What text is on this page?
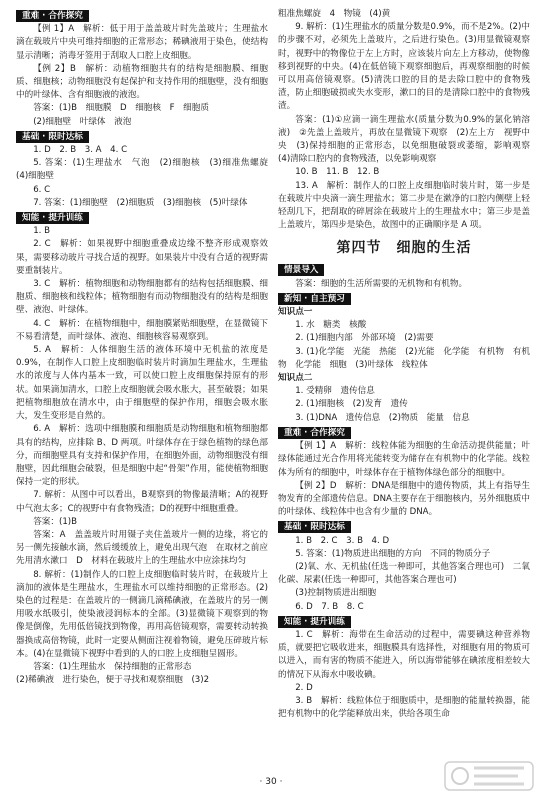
重难 · 合作探究

【例 1】A　解析：低于用于盖盖玻片时先盖玻片；生理盐水滴在载玻片中央可维持细胞的正常形态；稀碘液用于染色，使结构显示清晰；消毒牙签用于刮取人口腔上皮细胞。

【例 2】B　解析：动植物细胞共有的结构是细胞膜、细胞质、细胞核；动物细胞没有起保护和支持作用的细胞壁，没有细胞中的叶绿体、含有细胞液的液泡。

答案：(1)B　细胞膜　D　细胞核　F　细胞质

(2)细胞壁　叶绿体　液泡

基础 · 限时达标

1. D　2. B　3. A　4. C

5. 答案：(1)生理盐水　气泡　(2)细胞核　(3)细准焦螺旋　(4)细胞壁

6. C

7. 答案：(1)细胞壁　(2)细胞质　(3)细胞核　(5)叶绿体

知能 · 提升训练

1. B

2. C　解析：如果视野中细胞重叠成边缘不整齐形成观察效果，需要移动玻片寻找合适的视野。如果装片中没有合适的视野需要重制装片。

3. C　解析：植物细胞和动物细胞都有的结构包括细胞膜、细胞质、细胞核和线粒体；植物细胞有而动物细胞没有的结构是细胞壁、液泡、叶绿体。

4. C　解析：在植物细胞中，细胞膜紧贴细胞壁，在显微镜下不易看清楚，而叶绿体、液泡、细胞核容易观察到。

5. A　解析：人体细胞生活的液体环境中无机盐的浓度是0.9%，在制作人口腔上皮细胞临时装片时滴加生理盐水，生理盐水的浓度与人体内基本一致，可以使口腔上皮细胞保持原有的形状。如果滴加清水，口腔上皮细胞就会吸水胀大，甚至破裂；如果把植物细胞放在清水中，由于细胞壁的保护作用，细胞会吸水胀大，发生变形是自然的。

6. A　解析：选项中细胞膜和细胞质是动物细胞和植物细胞都具有的结构，应排除 B、D 两项。叶绿体存在于绿色植物的绿色部分，而细胞壁具有支持和保护作用，在细胞外面，动物细胞没有细胞壁，因此细胞会破裂，但是细胞中起“骨架”作用，能使植物细胞保持一定的形状。

7. 解析：从图中可以看出，B观察到的物像最清晰；A的视野中气泡太多；C的视野中有食物残渣；D的视野中细胞重叠。

答案：(1)B

答案：A　盖盖玻片时用镊子夹住盖玻片一侧的边缘，将它的另一侧先接触水滴，然后缓缓放上，避免出现气泡　在取材之前应先用清水漱口　D　材料在载玻片上的生理盐水中应涂抹均匀

8. 解析：(1)制作人的口腔上皮细胞临时装片时，在载玻片上滴加的液体是生理盐水，生理盐水可以维持细胞的正常形态。(2)染色的过程是：在盖玻片的一侧滴几滴稀碘液，在盖玻片的另一侧用吸水纸吸引，使染液浸润标本的全部。(3)显微镜下观察到的物像是倒像，先用低倍镜找到物像，再用高倍镜观察，需要转动转换器换成高倍物镜，此时一定要从侧面注视着物镜，避免压碎玻片标本。(4)在显微镜下视野中看到的人的口腔上皮细胞呈圆形。

答案：(1)生理盐水　保持细胞的正常形态

(2)稀碘液　进行染色，便于寻找和观察细胞　(3)2

粗准焦螺旋　4　物镜　(4)黄

9. 解析：(1)生理盐水的质量分数是0.9%，而不是2%。(2)中的步骤不对，必须先上盖玻片，之后进行染色。(3)用显微镜观察时，视野中的物像位于左上方时，应该装片向左上方移动，使物像移到视野的中央。(4)在低倍镜下观察细胞后，再观察细胞的时候可以用高倍镜观察。(5)清洗口腔的目的是去除口腔中的食物残渣，防止细胞破损或失水变形，漱口的目的是清除口腔中的食物残渣。

答案：(1)①应滴一滴生理盐水(质量分数为0.9%的氯化钠溶液)　②先盖上盖玻片，再放在显微镜下观察　(2)左上方　视野中央　(3)保持细胞的正常形态，以免细胞破裂或萎缩，影响观察　(4)清除口腔内的食物残渣，以免影响观察

10. B　11. B　12. B

13. A　解析：制作人的口腔上皮细胞临时装片时，第一步是在载玻片中央滴一滴生理盐水；第二步是在漱净的口腔内侧壁上轻轻刮几下，把刮取的碎屑涂在载玻片上的生理盐水中；第三步是盖上盖玻片，第四步是染色，故图中的正确顺序是 A 项。

第四节　细胞的生活
情景导入

答案：细胞的生活所需要的无机物和有机物。

新知 · 自主预习

知识点一

1. 水　糖类　核酸

2. (1)细胞内部　外部环境　(2)需要

3. (1)化学能　光能　热能　(2)光能　化学能　有机物　有机物　化学能　细胞　(3)叶绿体　线粒体

知识点二

1. 受精卵　遗传信息

2. (1)细胞核　(2)发育　遗传

3. (1)DNA　遗传信息　(2)物质　能量　信息

重难 · 合作探究

【例 1】A　解析：线粒体能为细胞的生命活动提供能量；叶绿体能通过光合作用将光能转变为储存在有机物中的化学能。线粒体为所有的细胞中，叶绿体存在于植物体绿色部分的细胞中。

【例 2】D　解析：DNA是细胞中的遗传物质，其上有指导生物发育的全部遗传信息。DNA主要存在于细胞核内，另外细胞质中的叶绿体、线粒体中也含有少量的 DNA。

基础 · 限时达标

1. B　2. C　3. B　4. D

5. 答案：(1)物质进出细胞的方向　不同的物质分子

(2)氧、水、无机盐(任选一种即可，其他答案合理也可)　二氧化碳、尿素(任选一种即可，其他答案合理也可)

(3)控制物质进出细胞

6. D　7. B　8. C

知能 · 提升训练

1. C　解析：海带在生命活动的过程中，需要碘这种营养物质，就要把它吸收进来，细胞膜具有选择性，对细胞有用的物质可以进入，而有害的物质不能进入，所以海带能够在碘浓度相差较大的情况下从海水中吸收碘。

2. D

3. B　解析：线粒体位于细胞质中，是细胞的能量转换器，能把有机物中的化学能释放出来，供给各项生命

· 30 ·
